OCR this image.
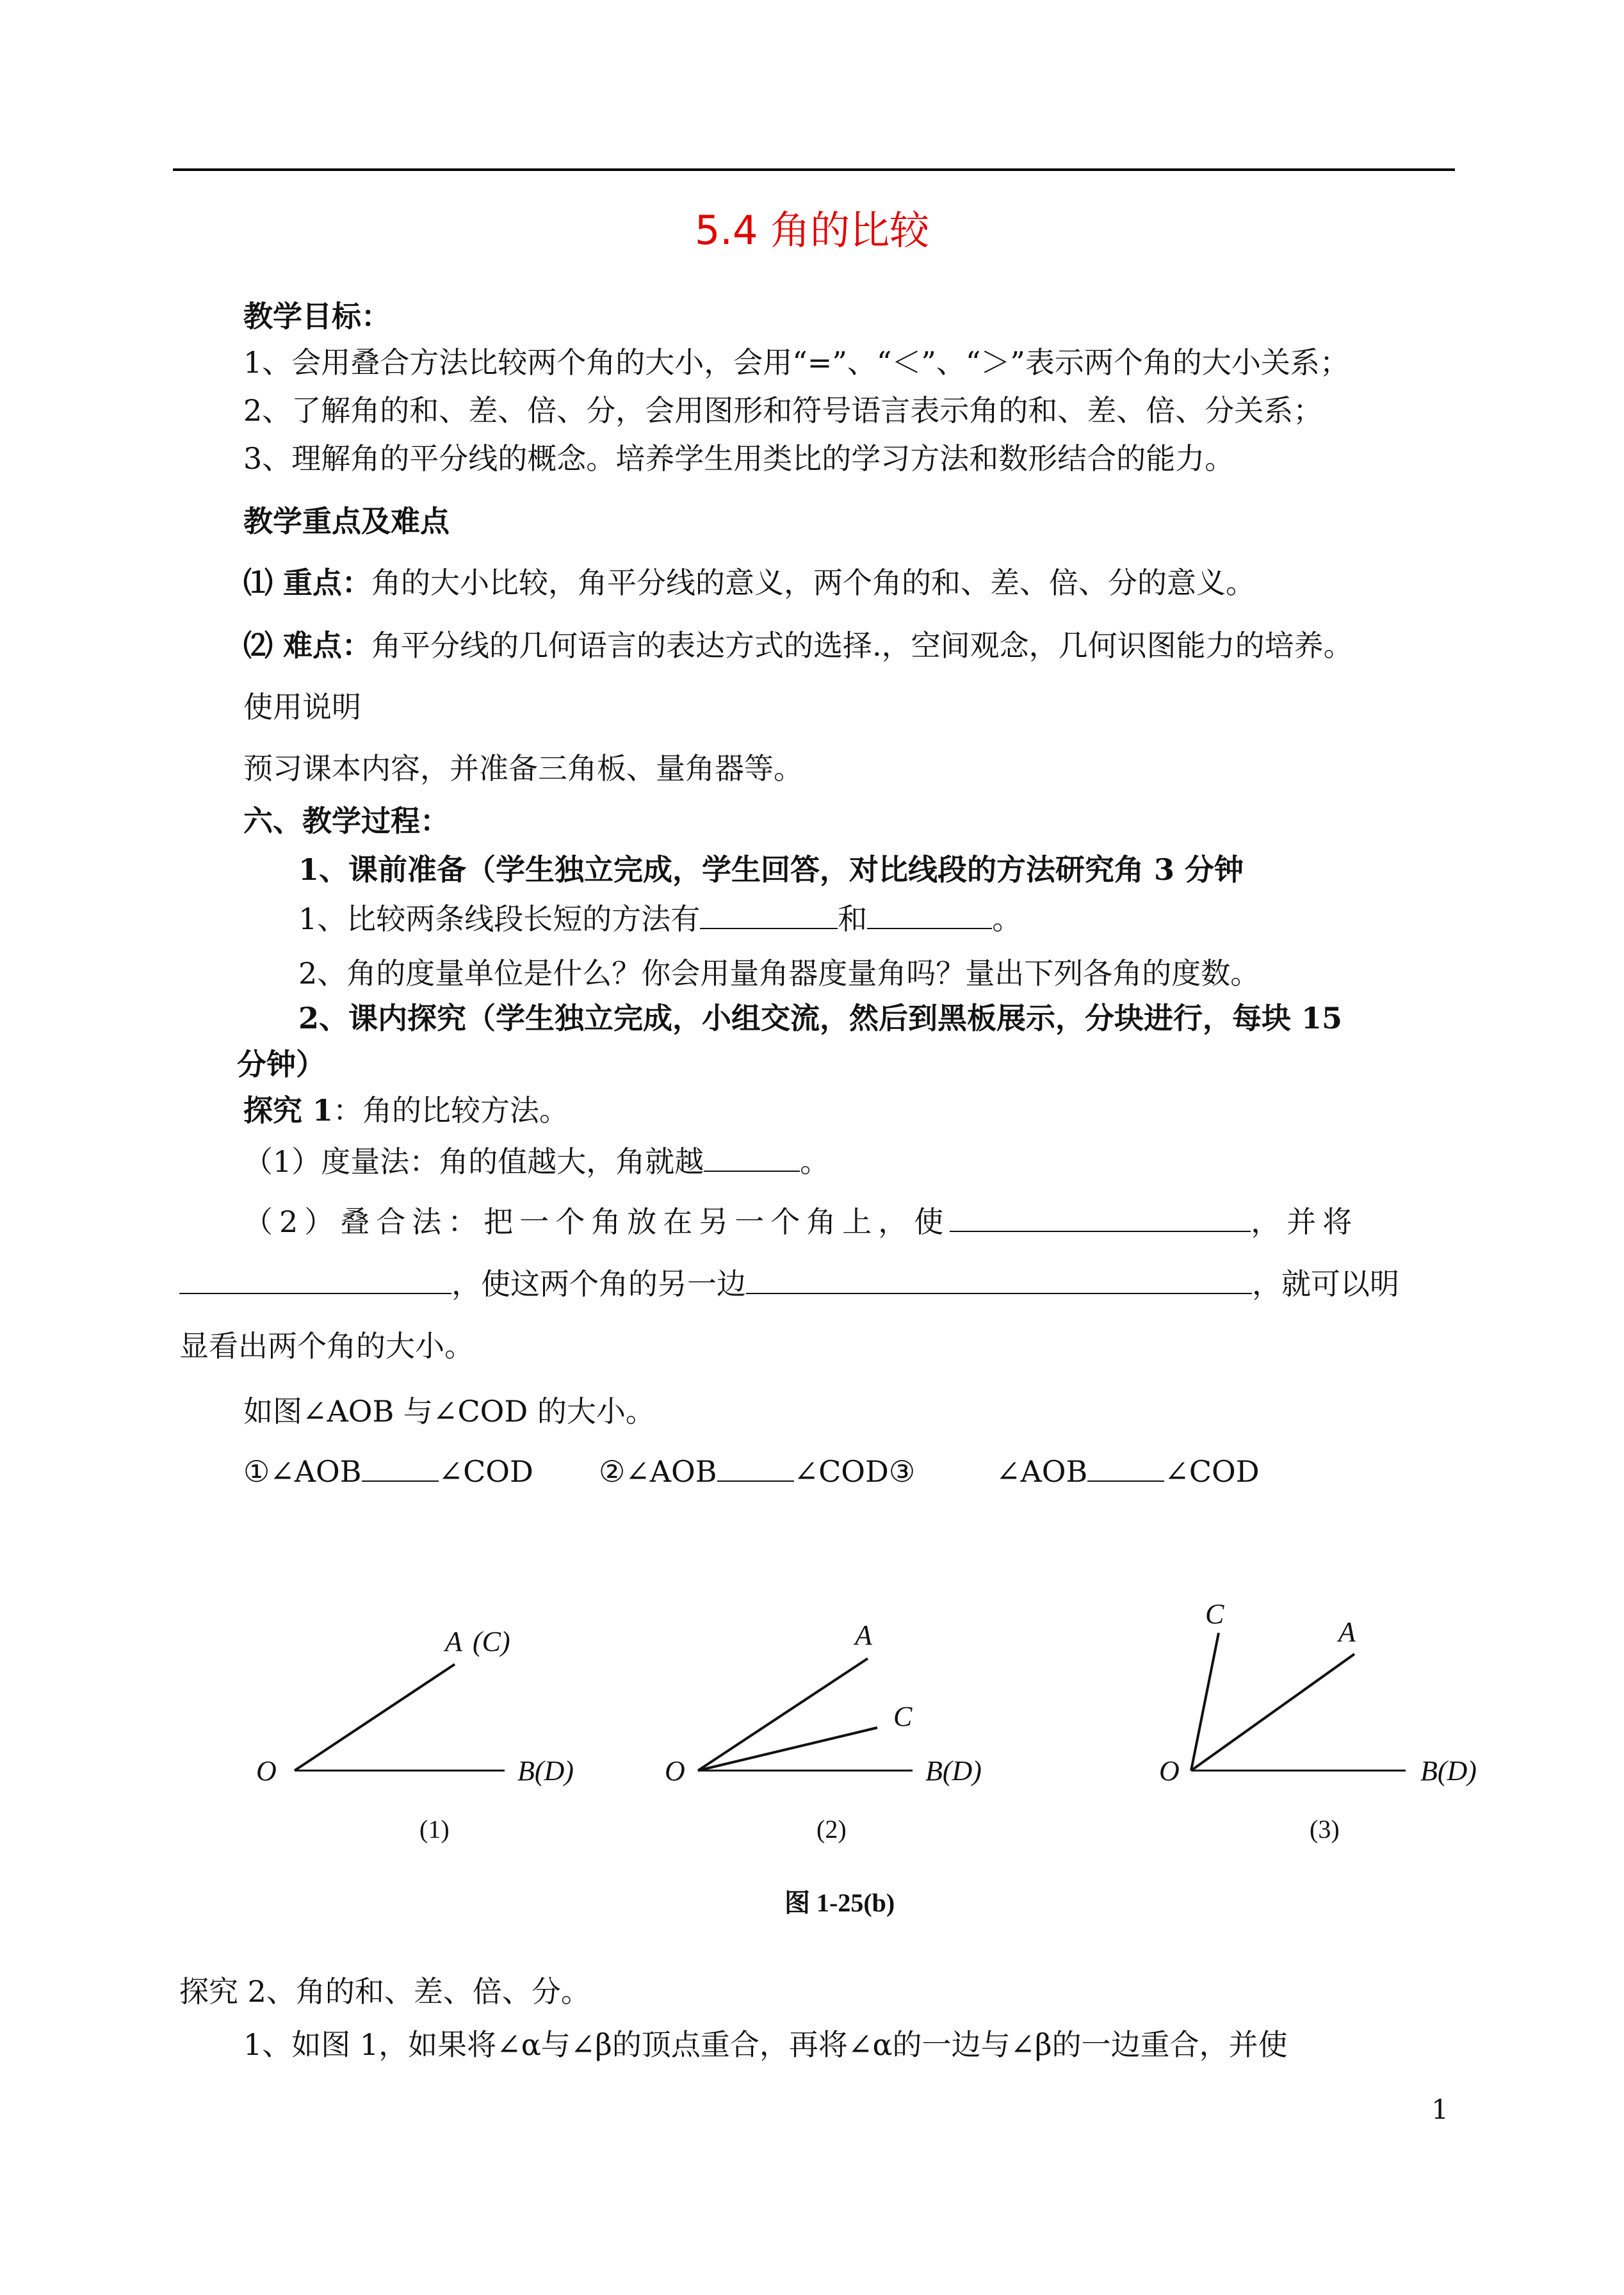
5.4 角的比较
教学目标：
1、会用叠合方法比较两个角的大小，会用“=”、“＜”、“＞”表示两个角的大小关系；
2、了解角的和、差、倍、分，会用图形和符号语言表示角的和、差、倍、分关系；
3、理解角的平分线的概念。培养学生用类比的学习方法和数形结合的能力。
教学重点及难点
⑴ 重点：角的大小比较，角平分线的意义，两个角的和、差、倍、分的意义。
⑵ 难点：角平分线的几何语言的表达方式的选择.，空间观念，几何识图能力的培养。
使用说明
预习课本内容，并准备三角板、量角器等。
六、教学过程：
1、课前准备（学生独立完成，学生回答，对比线段的方法研究角 3 分钟
1、比较两条线段长短的方法有	和	。
2、角的度量单位是什么？你会用量角器度量角吗？量出下列各角的度数。
2、课内探究（学生独立完成，小组交流，然后到黑板展示，分块进行，每块 15
分钟）
探究 1：角的比较方法。
（1）度量法：角的值越大，角就越	。
（2）叠合法：把一个角放在另一个角上，使	，并将
，使这两个角的另一边	，就可以明
显看出两个角的大小。
如图∠AOB 与∠COD 的大小。
①∠AOB	∠COD ②∠AOB	∠COD③	∠AOB	∠COD
O
A (C)
B(D)
(1)
O
A
C
B(D)
(2)
O
C
A
B(D)
(3)
图 1-25(b)
探究 2、角的和、差、倍、分。
1、如图 1，如果将∠α与∠β的顶点重合，再将∠α的一边与∠β的一边重合，并使
1
